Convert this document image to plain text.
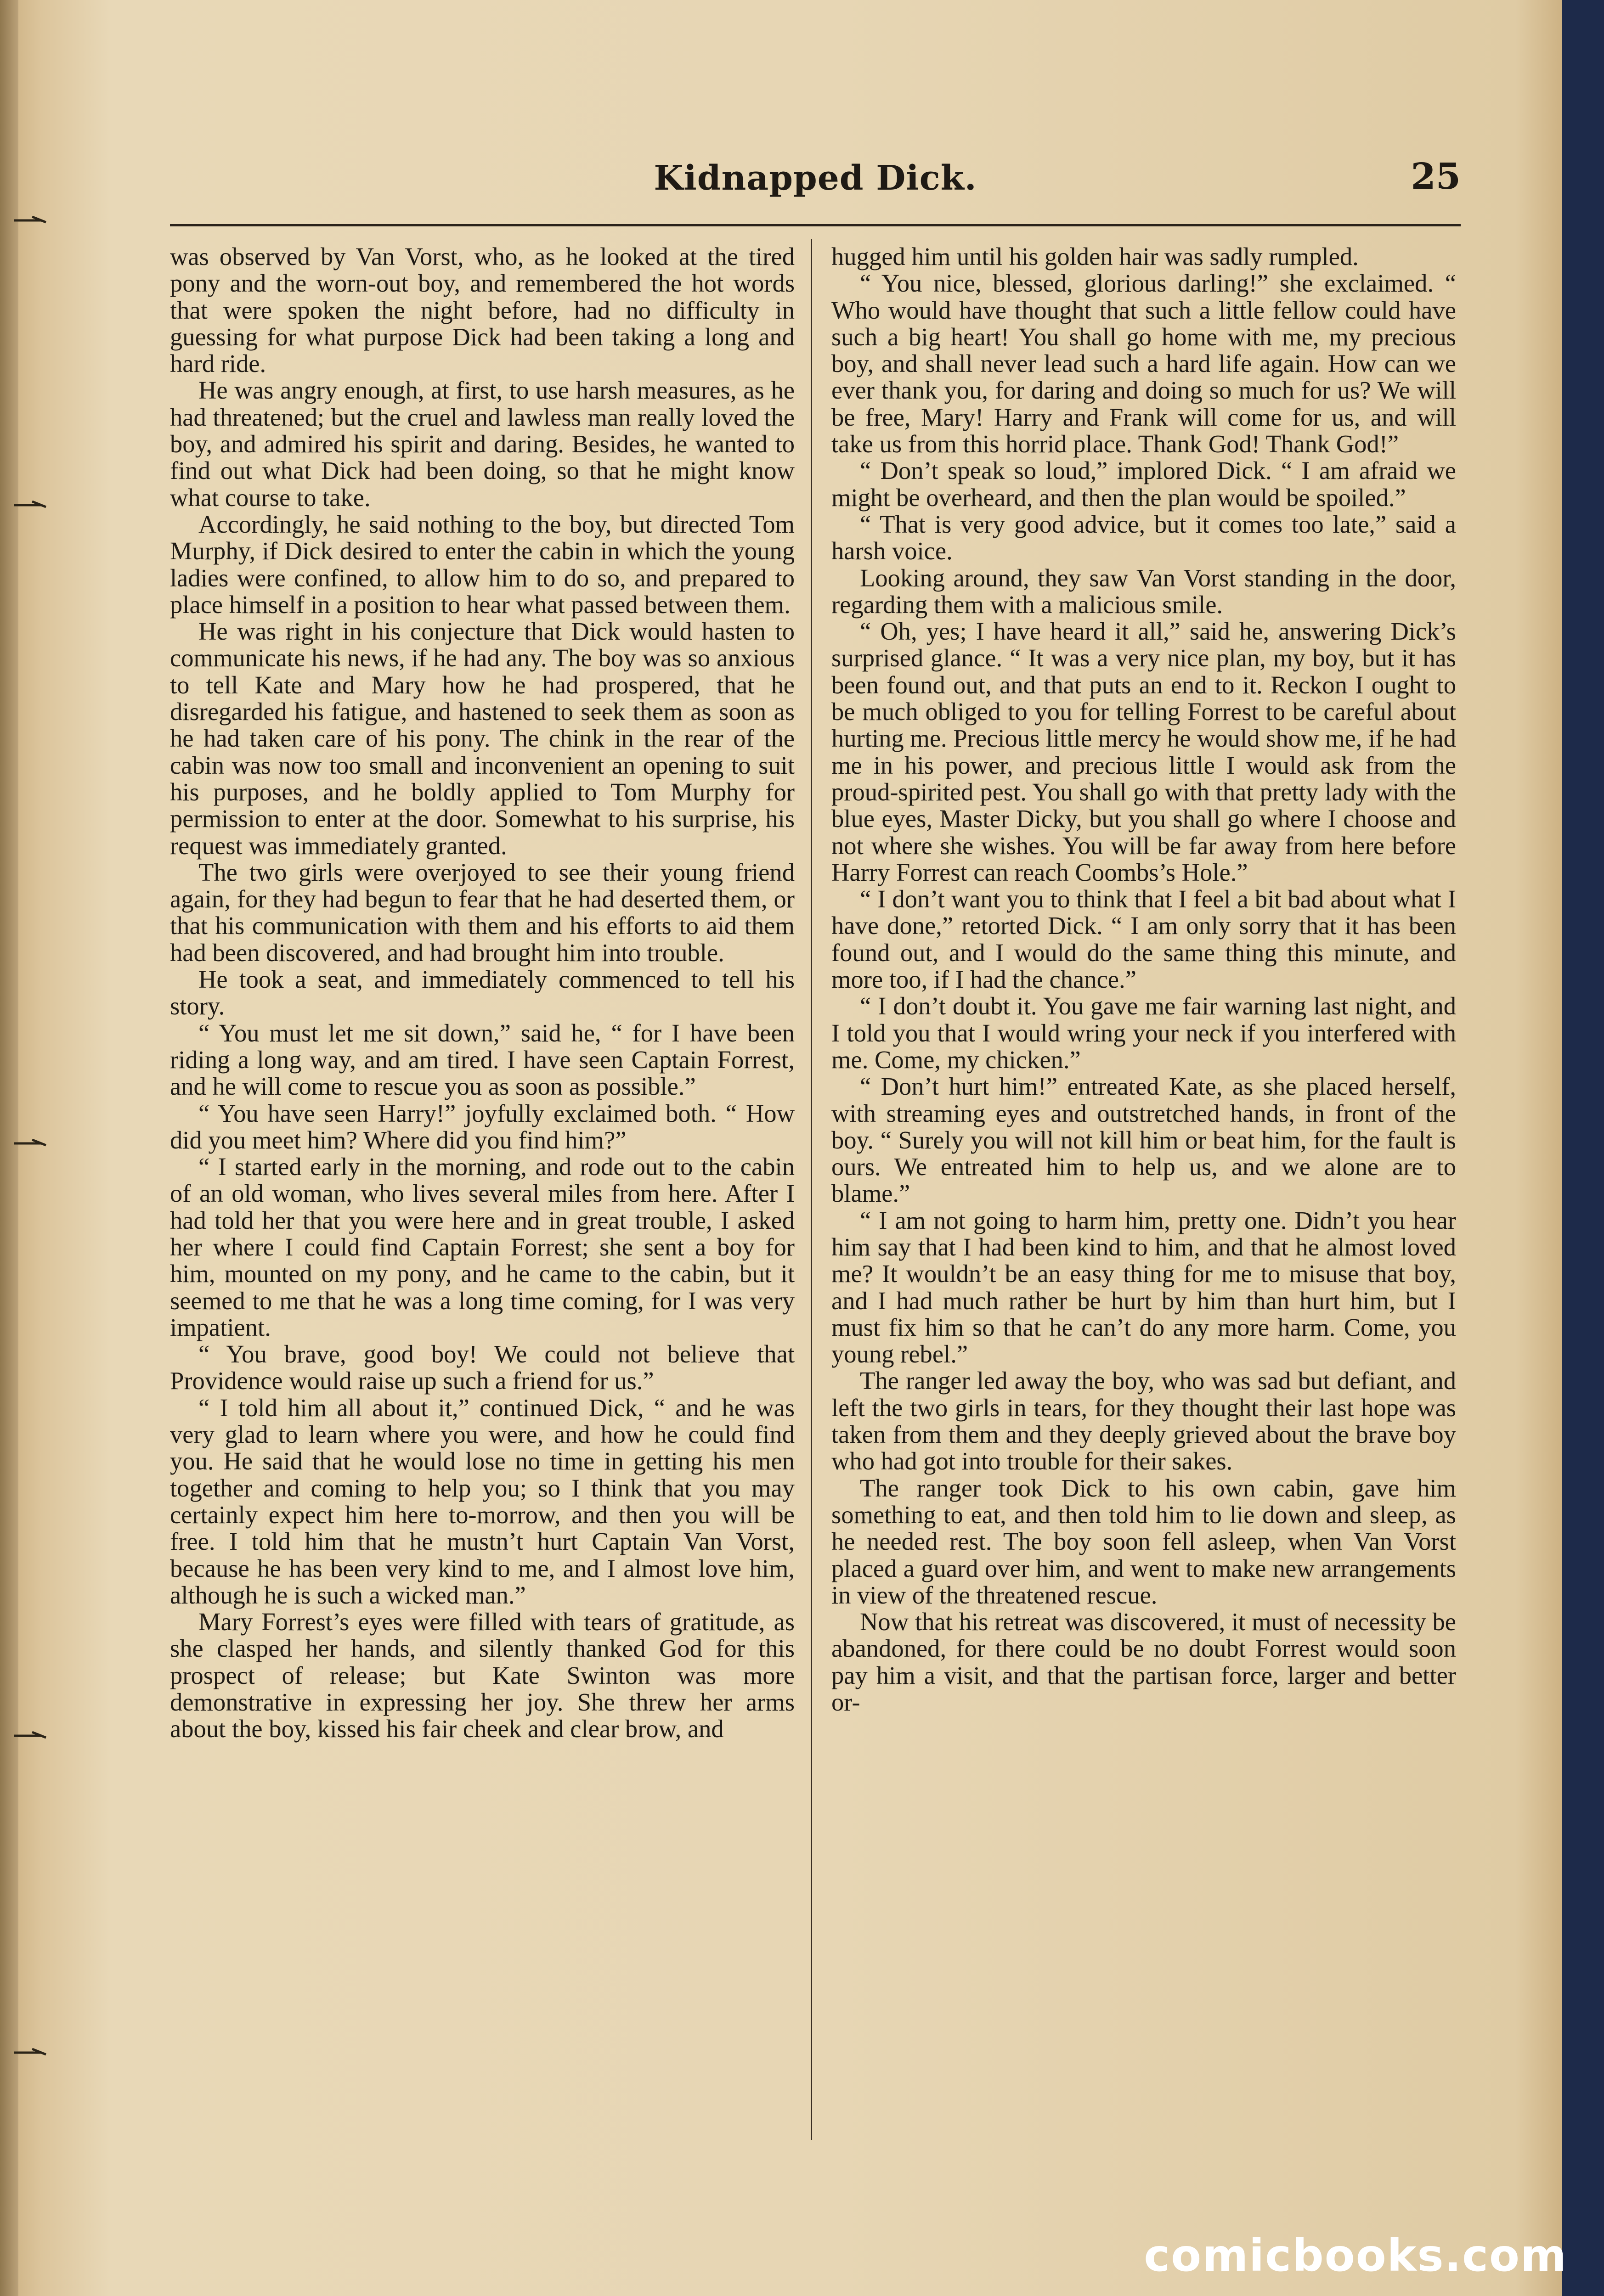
Kidnapped Dick.	25

was observed by Van Vorst, who, as he looked at the tired pony and the worn-out boy, and remembered the hot words that were spoken the night before, had no difficulty in guessing for what purpose Dick had been taking a long and hard ride.

He was angry enough, at first, to use harsh measures, as he had threatened; but the cruel and lawless man really loved the boy, and admired his spirit and daring. Besides, he wanted to find out what Dick had been doing, so that he might know what course to take.

Accordingly, he said nothing to the boy, but directed Tom Murphy, if Dick desired to enter the cabin in which the young ladies were confined, to allow him to do so, and prepared to place himself in a position to hear what passed between them.

He was right in his conjecture that Dick would hasten to communicate his news, if he had any. The boy was so anxious to tell Kate and Mary how he had prospered, that he disregarded his fatigue, and hastened to seek them as soon as he had taken care of his pony. The chink in the rear of the cabin was now too small and inconvenient an opening to suit his purposes, and he boldly applied to Tom Murphy for permission to enter at the door. Somewhat to his surprise, his request was immediately granted.

The two girls were overjoyed to see their young friend again, for they had begun to fear that he had deserted them, or that his communication with them and his efforts to aid them had been discovered, and had brought him into trouble.

He took a seat, and immediately commenced to tell his story.

“ You must let me sit down,” said he, “ for I have been riding a long way, and am tired. I have seen Captain Forrest, and he will come to rescue you as soon as possible.”

“ You have seen Harry!” joyfully exclaimed both. “ How did you meet him? Where did you find him?”

“ I started early in the morning, and rode out to the cabin of an old woman, who lives several miles from here. After I had told her that you were here and in great trouble, I asked her where I could find Captain Forrest; she sent a boy for him, mounted on my pony, and he came to the cabin, but it seemed to me that he was a long time coming, for I was very impatient.

“ You brave, good boy! We could not believe that Providence would raise up such a friend for us.”

“ I told him all about it,” continued Dick, “ and he was very glad to learn where you were, and how he could find you. He said that he would lose no time in getting his men together and coming to help you; so I think that you may certainly expect him here to-morrow, and then you will be free. I told him that he mustn’t hurt Captain Van Vorst, because he has been very kind to me, and I almost love him, although he is such a wicked man.”

Mary Forrest’s eyes were filled with tears of gratitude, as she clasped her hands, and silently thanked God for this prospect of release; but Kate Swinton was more demonstrative in expressing her joy. She threw her arms about the boy, kissed his fair cheek and clear brow, and

hugged him until his golden hair was sadly rumpled.

“ You nice, blessed, glorious darling!” she exclaimed. “ Who would have thought that such a little fellow could have such a big heart! You shall go home with me, my precious boy, and shall never lead such a hard life again. How can we ever thank you, for daring and doing so much for us? We will be free, Mary! Harry and Frank will come for us, and will take us from this horrid place. Thank God! Thank God!”

“ Don’t speak so loud,” implored Dick. “ I am afraid we might be overheard, and then the plan would be spoiled.”

“ That is very good advice, but it comes too late,” said a harsh voice.

Looking around, they saw Van Vorst standing in the door, regarding them with a malicious smile.

“ Oh, yes; I have heard it all,” said he, answering Dick’s surprised glance. “ It was a very nice plan, my boy, but it has been found out, and that puts an end to it. Reckon I ought to be much obliged to you for telling Forrest to be careful about hurting me. Precious little mercy he would show me, if he had me in his power, and precious little I would ask from the proud-spirited pest. You shall go with that pretty lady with the blue eyes, Master Dicky, but you shall go where I choose and not where she wishes. You will be far away from here before Harry Forrest can reach Coombs’s Hole.”

“ I don’t want you to think that I feel a bit bad about what I have done,” retorted Dick. “ I am only sorry that it has been found out, and I would do the same thing this minute, and more too, if I had the chance.”

“ I don’t doubt it. You gave me fair warning last night, and I told you that I would wring your neck if you interfered with me. Come, my chicken.”

“ Don’t hurt him!” entreated Kate, as she placed herself, with streaming eyes and outstretched hands, in front of the boy. “ Surely you will not kill him or beat him, for the fault is ours. We entreated him to help us, and we alone are to blame.”

“ I am not going to harm him, pretty one. Didn’t you hear him say that I had been kind to him, and that he almost loved me? It wouldn’t be an easy thing for me to misuse that boy, and I had much rather be hurt by him than hurt him, but I must fix him so that he can’t do any more harm. Come, you young rebel.”

The ranger led away the boy, who was sad but defiant, and left the two girls in tears, for they thought their last hope was taken from them and they deeply grieved about the brave boy who had got into trouble for their sakes.

The ranger took Dick to his own cabin, gave him something to eat, and then told him to lie down and sleep, as he needed rest. The boy soon fell asleep, when Van Vorst placed a guard over him, and went to make new arrangements in view of the threatened rescue.

Now that his retreat was discovered, it must of necessity be abandoned, for there could be no doubt Forrest would soon pay him a visit, and that the partisan force, larger and better or-

comicbooks.com
